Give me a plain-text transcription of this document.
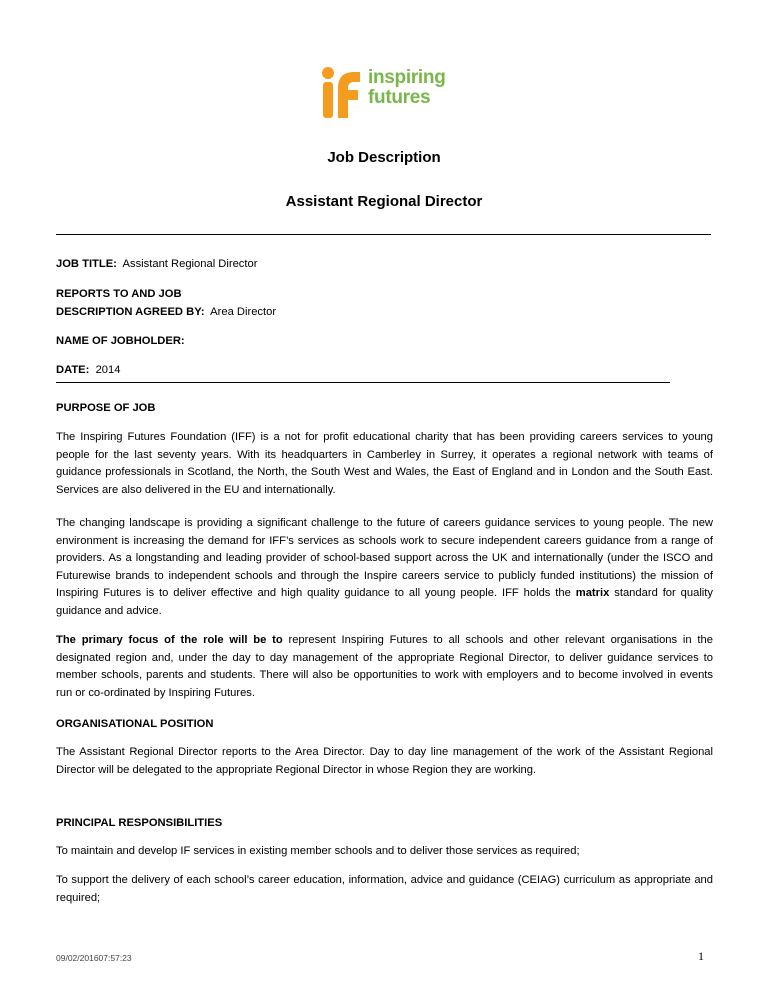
inspiring
futures
Job Description
Assistant Regional Director
JOB TITLE: Assistant Regional Director
REPORTS TO AND JOB
DESCRIPTION AGREED BY: Area Director
NAME OF JOBHOLDER:
DATE: 2014
PURPOSE OF JOB
The Inspiring Futures Foundation (IFF) is a not for profit educational charity that has been providing careers services to young people for the last seventy years. With its headquarters in Camberley in Surrey, it operates a regional network with teams of guidance professionals in Scotland, the North, the South West and Wales, the East of England and in London and the South East. Services are also delivered in the EU and internationally.
The changing landscape is providing a significant challenge to the future of careers guidance services to young people. The new environment is increasing the demand for IFF’s services as schools work to secure independent careers guidance from a range of providers. As a longstanding and leading provider of school-based support across the UK and internationally (under the ISCO and Futurewise brands to independent schools and through the Inspire careers service to publicly funded institutions) the mission of Inspiring Futures is to deliver effective and high quality guidance to all young people. IFF holds the matrix standard for quality guidance and advice.
The primary focus of the role will be to represent Inspiring Futures to all schools and other relevant organisations in the designated region and, under the day to day management of the appropriate Regional Director, to deliver guidance services to member schools, parents and students. There will also be opportunities to work with employers and to become involved in events run or co-ordinated by Inspiring Futures.
ORGANISATIONAL POSITION
The Assistant Regional Director reports to the Area Director. Day to day line management of the work of the Assistant Regional Director will be delegated to the appropriate Regional Director in whose Region they are working.
PRINCIPAL RESPONSIBILITIES
To maintain and develop IF services in existing member schools and to deliver those services as required;
To support the delivery of each school’s career education, information, advice and guidance (CEIAG) curriculum as appropriate and required;
09/02/201607:57:23	1
